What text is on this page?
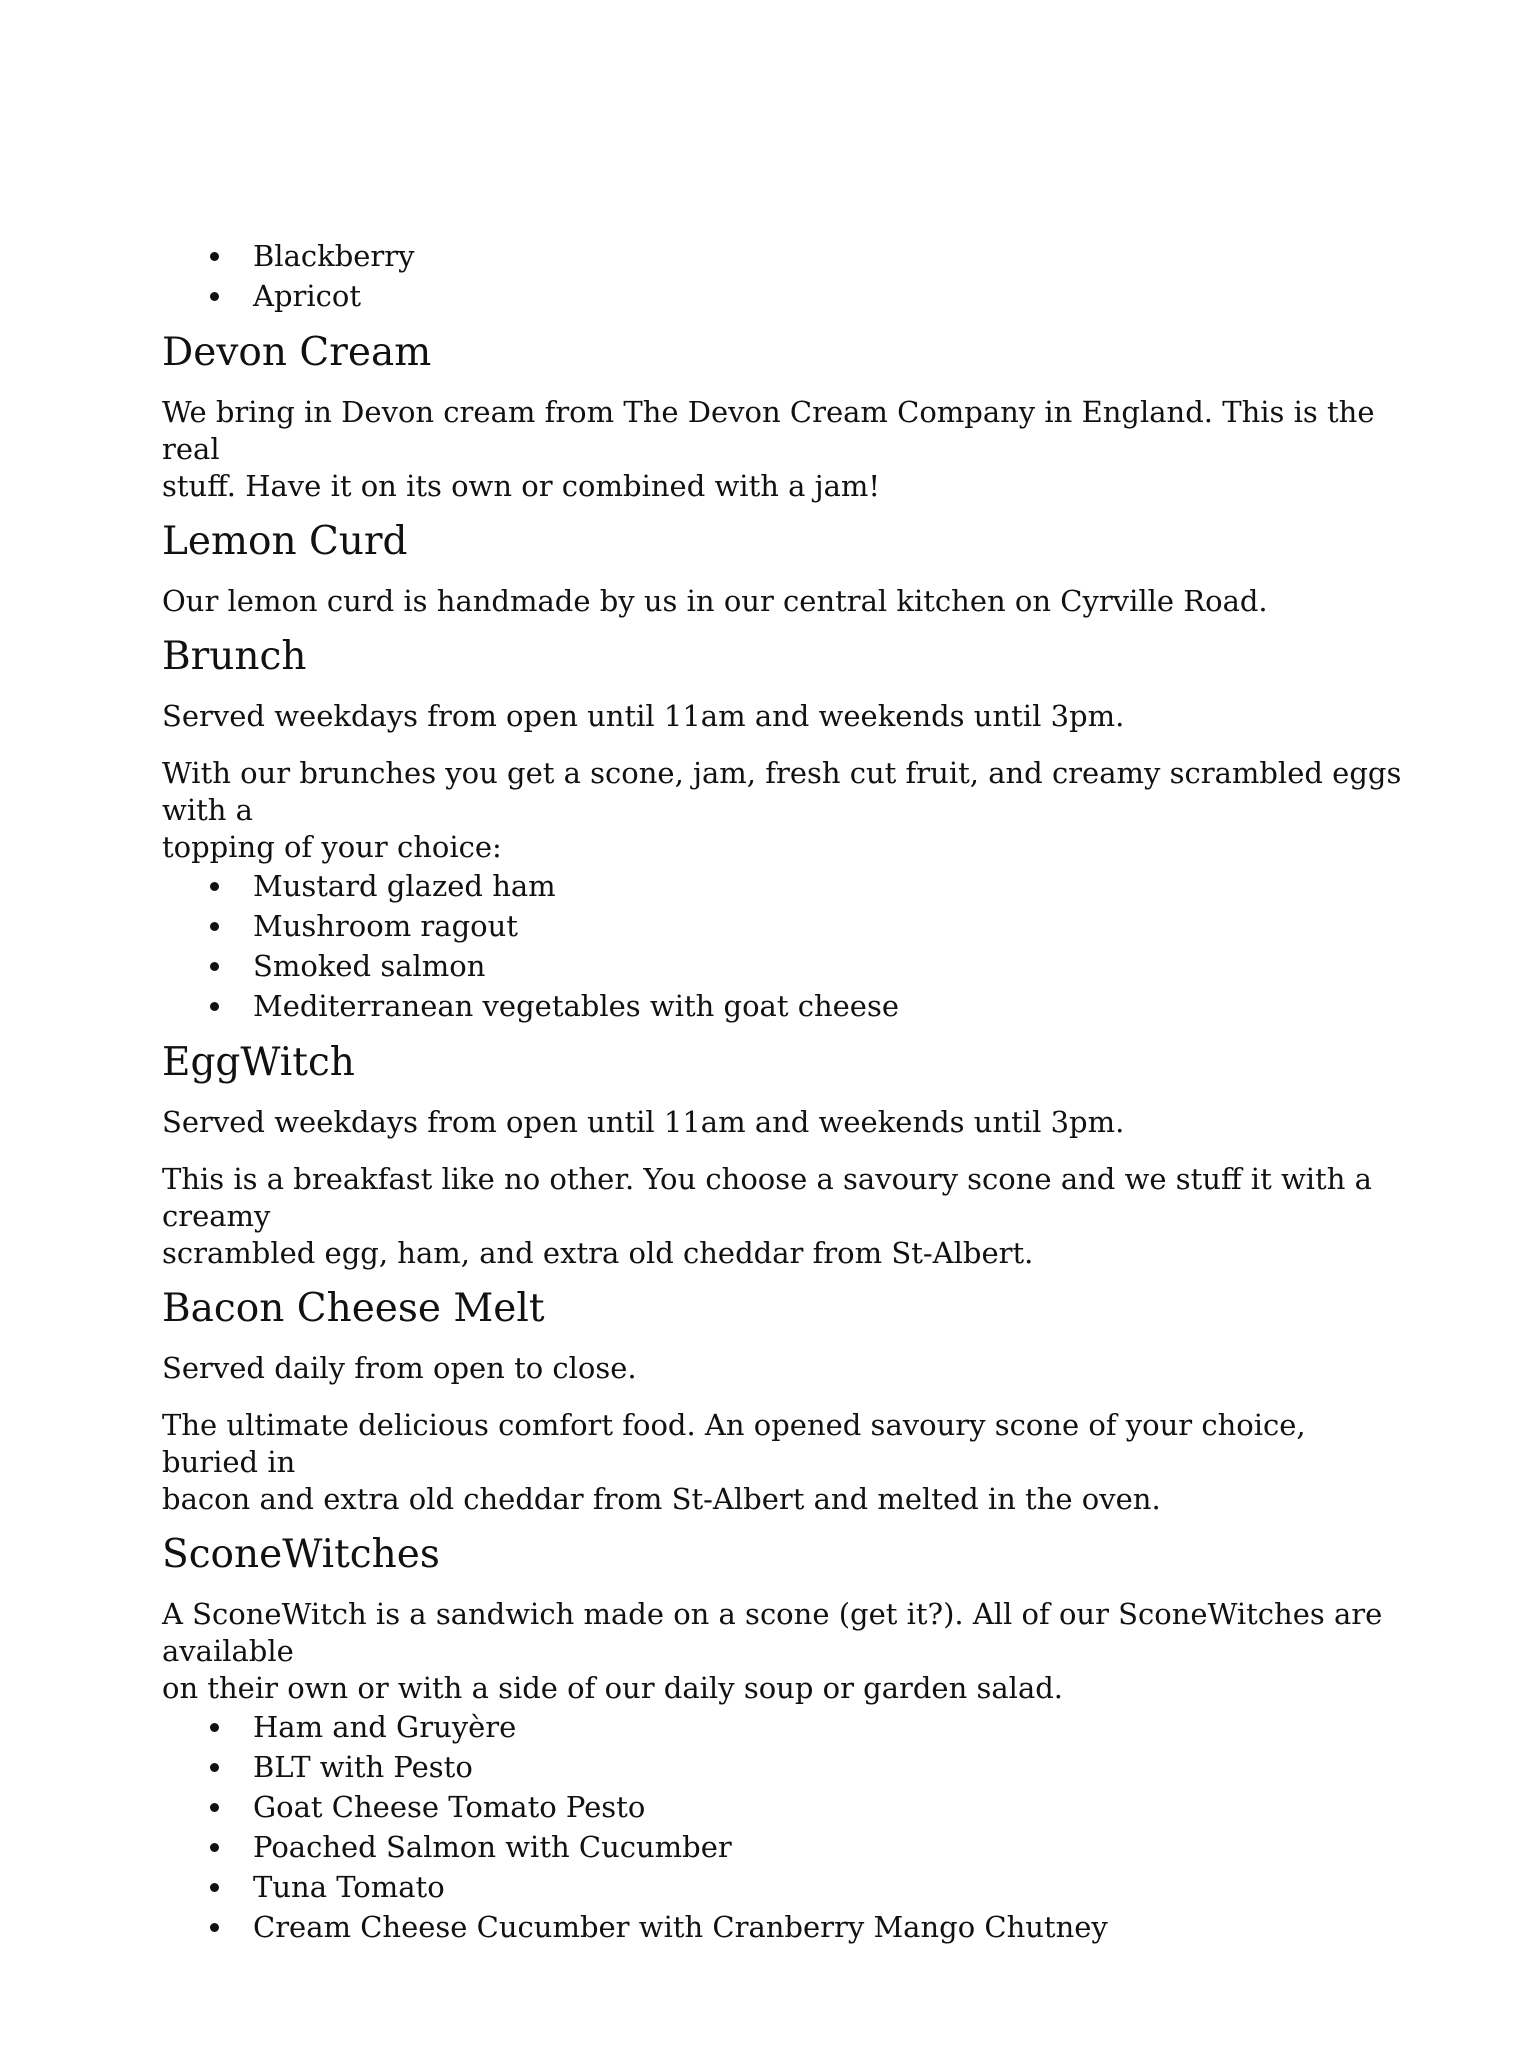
Blackberry
Apricot
Devon Cream

We bring in Devon cream from The Devon Cream Company in England. This is the real
stuff. Have it on its own or combined with a jam!

Lemon Curd

Our lemon curd is handmade by us in our central kitchen on Cyrville Road.

Brunch

Served weekdays from open until 11am and weekends until 3pm.

With our brunches you get a scone, jam, fresh cut fruit, and creamy scrambled eggs with a
topping of your choice:

Mustard glazed ham
Mushroom ragout
Smoked salmon
Mediterranean vegetables with goat cheese
EggWitch

Served weekdays from open until 11am and weekends until 3pm.

This is a breakfast like no other. You choose a savoury scone and we stuff it with a creamy
scrambled egg, ham, and extra old cheddar from St-Albert.

Bacon Cheese Melt

Served daily from open to close.

The ultimate delicious comfort food. An opened savoury scone of your choice, buried in
bacon and extra old cheddar from St-Albert and melted in the oven.

SconeWitches

A SconeWitch is a sandwich made on a scone (get it?). All of our SconeWitches are available
on their own or with a side of our daily soup or garden salad.

Ham and Gruyère
BLT with Pesto
Goat Cheese Tomato Pesto
Poached Salmon with Cucumber
Tuna Tomato
Cream Cheese Cucumber with Cranberry Mango Chutney
